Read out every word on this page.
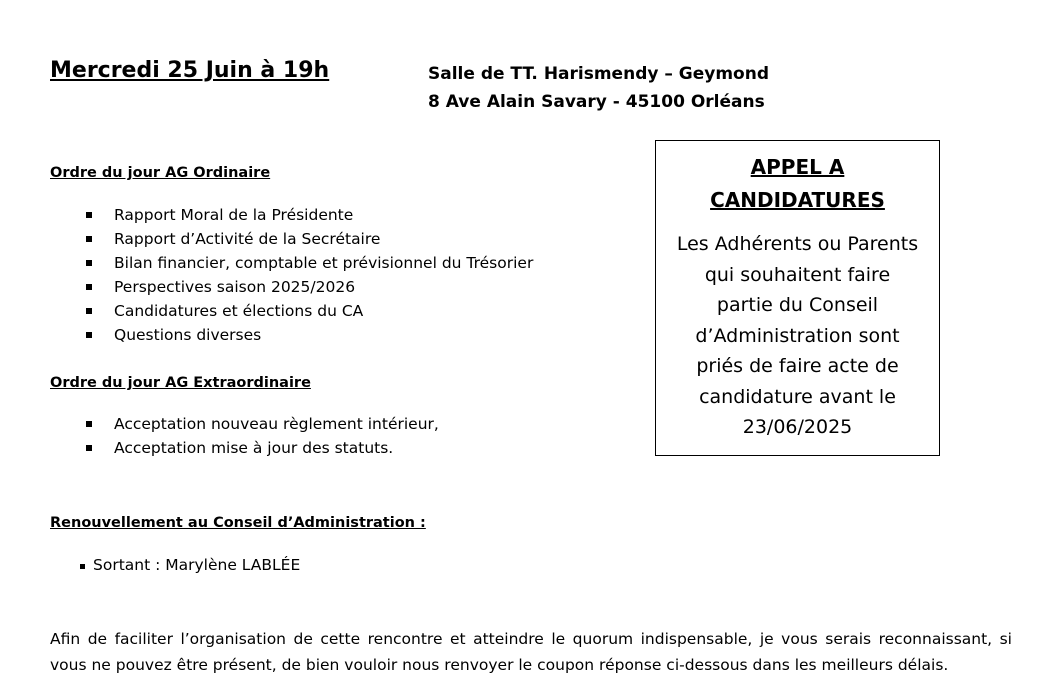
Mercredi 25 Juin à 19h	Salle de TT. Harismendy – Geymond
8 Ave Alain Savary - 45100 Orléans
Ordre du jour AG Ordinaire
Rapport Moral de la Présidente
Rapport d’Activité de la Secrétaire
Bilan financier, comptable et prévisionnel du Trésorier
Perspectives saison 2025/2026
Candidatures et élections du CA
Questions diverses
Ordre du jour AG Extraordinaire
Acceptation nouveau règlement intérieur,
Acceptation mise à jour des statuts.
APPEL A
CANDIDATURES
Les Adhérents ou Parents
qui souhaitent faire
partie du Conseil
d’Administration sont
priés de faire acte de
candidature avant le
23/06/2025
Renouvellement au Conseil d’Administration :
Sortant : Marylène LABLÉE
Afin de faciliter l’organisation de cette rencontre et atteindre le quorum indispensable, je vous serais reconnaissant, si vous ne pouvez être présent, de bien vouloir nous renvoyer le coupon réponse ci-dessous dans les meilleurs délais.
